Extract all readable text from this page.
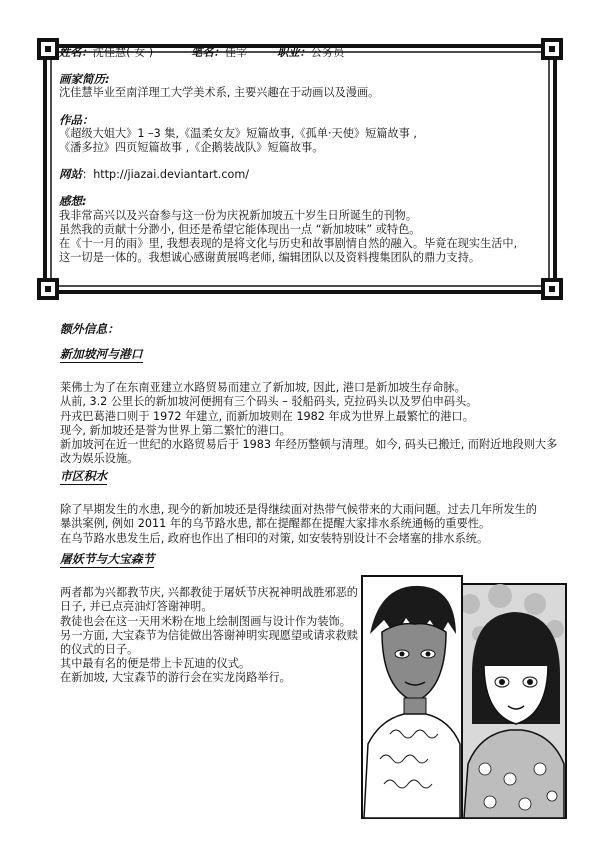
姓名： 沈佳慧( 女 )	笔名： 佳宰	职业： 公务员
画家简历:
沈佳慧毕业至南洋理工大学美术系, 主要兴趣在于动画以及漫画。
作品：
《超级大姐大》1 –3 集,《温柔女友》短篇故事,《孤单·天使》短篇故事 ,
《潘多拉》四页短篇故事 ,《企鹅装战队》短篇故事。
网站：http://jiazai.deviantart.com/
感想:
我非常高兴以及兴奋参与这一份为庆祝新加坡五十岁生日所诞生的刊物。
虽然我的贡献十分渺小, 但还是希望它能体现出一点 “新加坡味” 或特色。
在《十一月的雨》里, 我想表现的是将文化与历史和故事剧情自然的融入。毕竟在现实生活中,
这一切是一体的。我想诚心感谢黄展鸣老师, 编辑团队以及资料搜集团队的鼎力支持。
额外信息：
新加坡河与港口
莱佛士为了在东南亚建立水路贸易而建立了新加坡, 因此, 港口是新加坡生存命脉。
从前, 3.2 公里长的新加坡河便拥有三个码头 – 驳船码头, 克拉码头以及罗伯申码头。
丹戎巴葛港口则于 1972 年建立, 而新加坡则在 1982 年成为世界上最繁忙的港口。
现今, 新加坡还是誉为世界上第二繁忙的港口。
新加坡河在近一世纪的水路贸易后于 1983 年经历整顿与清理。如今, 码头已搬迁, 而附近地段则大多
改为娱乐设施。
市区积水
除了早期发生的水患, 现今的新加坡还是得继续面对热带气候带来的大雨问题。过去几年所发生的
暴洪案例, 例如 2011 年的乌节路水患, 都在提醒都在提醒大家排水系统通畅的重要性。
在乌节路水患发生后, 政府也作出了相印的对策, 如安装特别设计不会堵塞的排水系统。
屠妖节与大宝森节
两者都为兴都教节庆, 兴都教徒于屠妖节庆祝神明战胜邪恶的
日子, 并已点亮油灯答谢神明。
教徒也会在这一天用米粉在地上绘制图画与设计作为装饰。
另一方面, 大宝森节为信徒做出答谢神明实现愿望或请求救赎
的仪式的日子。
其中最有名的便是带上卡瓦迪的仪式。
在新加坡, 大宝森节的游行会在实龙岗路举行。
